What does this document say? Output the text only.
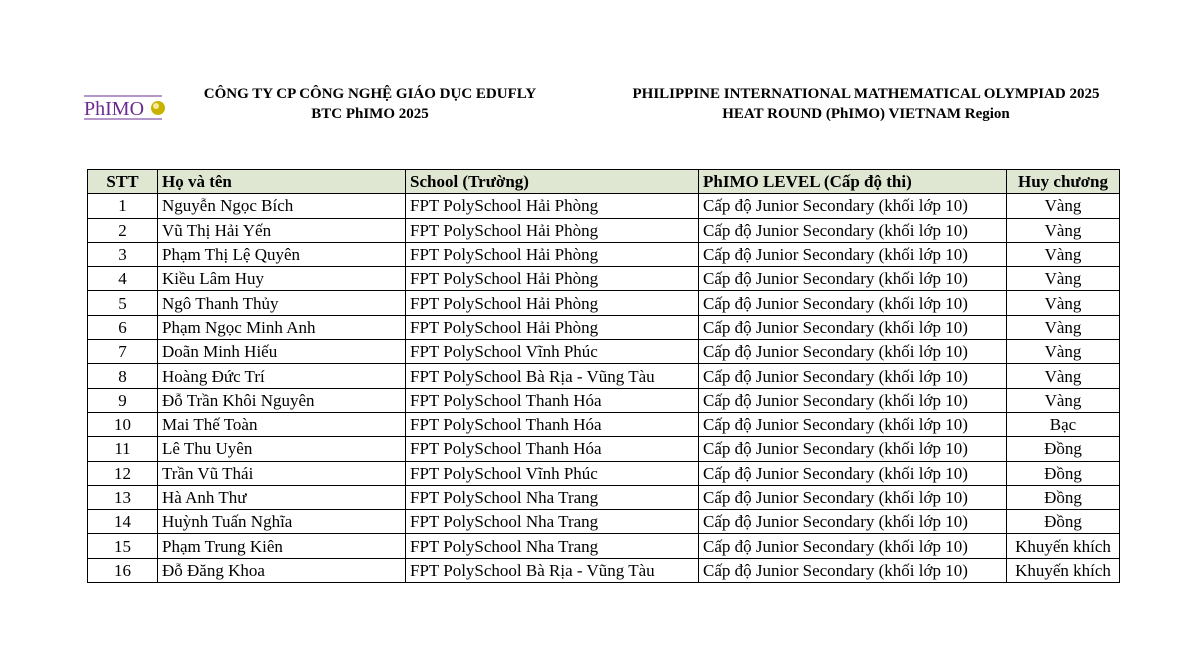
PhIMO
CÔNG TY CP CÔNG NGHỆ GIÁO DỤC EDUFLY
BTC PhIMO 2025
PHILIPPINE INTERNATIONAL MATHEMATICAL OLYMPIAD 2025
HEAT ROUND (PhIMO) VIETNAM Region
STT	Họ và tên	School (Trường)	PhIMO LEVEL (Cấp độ thi)	Huy chương
1	Nguyễn Ngọc Bích	FPT PolySchool Hải Phòng	Cấp độ Junior Secondary (khối lớp 10)	Vàng
2	Vũ Thị Hải Yến	FPT PolySchool Hải Phòng	Cấp độ Junior Secondary (khối lớp 10)	Vàng
3	Phạm Thị Lệ Quyên	FPT PolySchool Hải Phòng	Cấp độ Junior Secondary (khối lớp 10)	Vàng
4	Kiều Lâm Huy	FPT PolySchool Hải Phòng	Cấp độ Junior Secondary (khối lớp 10)	Vàng
5	Ngô Thanh Thủy	FPT PolySchool Hải Phòng	Cấp độ Junior Secondary (khối lớp 10)	Vàng
6	Phạm Ngọc Minh Anh	FPT PolySchool Hải Phòng	Cấp độ Junior Secondary (khối lớp 10)	Vàng
7	Doãn Minh Hiếu	FPT PolySchool Vĩnh Phúc	Cấp độ Junior Secondary (khối lớp 10)	Vàng
8	Hoàng Đức Trí	FPT PolySchool Bà Rịa - Vũng Tàu	Cấp độ Junior Secondary (khối lớp 10)	Vàng
9	Đỗ Trần Khôi Nguyên	FPT PolySchool Thanh Hóa	Cấp độ Junior Secondary (khối lớp 10)	Vàng
10	Mai Thế Toàn	FPT PolySchool Thanh Hóa	Cấp độ Junior Secondary (khối lớp 10)	Bạc
11	Lê Thu Uyên	FPT PolySchool Thanh Hóa	Cấp độ Junior Secondary (khối lớp 10)	Đồng
12	Trần Vũ Thái	FPT PolySchool Vĩnh Phúc	Cấp độ Junior Secondary (khối lớp 10)	Đồng
13	Hà Anh Thư	FPT PolySchool Nha Trang	Cấp độ Junior Secondary (khối lớp 10)	Đồng
14	Huỳnh Tuấn Nghĩa	FPT PolySchool Nha Trang	Cấp độ Junior Secondary (khối lớp 10)	Đồng
15	Phạm Trung Kiên	FPT PolySchool Nha Trang	Cấp độ Junior Secondary (khối lớp 10)	Khuyến khích
16	Đỗ Đăng Khoa	FPT PolySchool Bà Rịa - Vũng Tàu	Cấp độ Junior Secondary (khối lớp 10)	Khuyến khích
